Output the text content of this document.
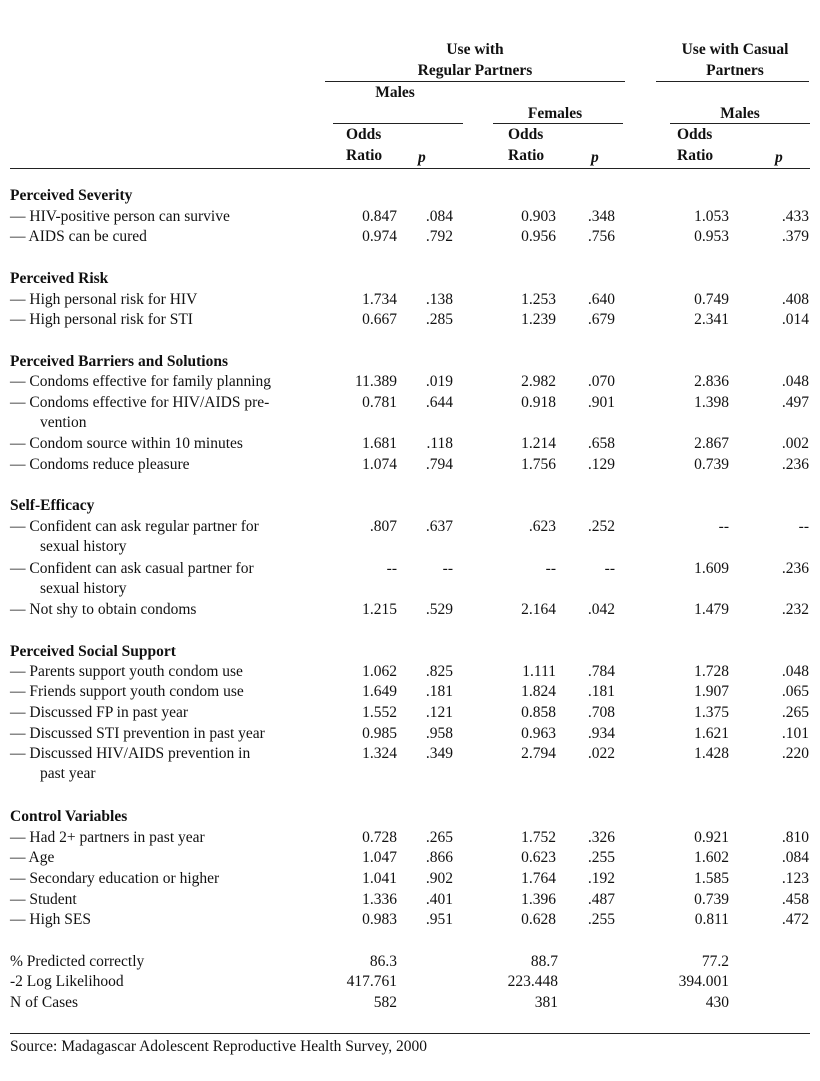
Use with
Regular Partners
Use with Casual
Partners
Males
Females	Males
Odds
Ratio p
Odds
Ratio	p
Odds
Ratio	p
Perceived Severity
— HIV-positive person can survive	0.847	.084	0.903	.348	1.053	.433
— AIDS can be cured	0.974	.792	0.956	.756	0.953	.379
Perceived Risk
— High personal risk for HIV	1.734	.138	1.253	.640	0.749	.408
— High personal risk for STI	0.667	.285	1.239	.679	2.341	.014
Perceived Barriers and Solutions
— Condoms effective for family planning	11.389	.019	2.982	.070	2.836	.048
— Condoms effective for HIV/AIDS pre-	0.781	.644	0.918	.901	1.398	.497
vention
— Condom source within 10 minutes	1.681	.118	1.214	.658	2.867	.002
— Condoms reduce pleasure	1.074	.794	1.756	.129	0.739	.236
Self-Efficacy
— Confident can ask regular partner for	.807	.637	.623	.252	--	--
sexual history
— Confident can ask casual partner for	--	--	--	--	1.609	.236
sexual history
— Not shy to obtain condoms	1.215	.529	2.164	.042	1.479	.232
Perceived Social Support
— Parents support youth condom use	1.062	.825	1.111	.784	1.728	.048
— Friends support youth condom use	1.649	.181	1.824	.181	1.907	.065
— Discussed FP in past year	1.552	.121	0.858	.708	1.375	.265
— Discussed STI prevention in past year	0.985	.958	0.963	.934	1.621	.101
— Discussed HIV/AIDS prevention in	1.324	.349	2.794	.022	1.428	.220
past year
Control Variables
— Had 2+ partners in past year	0.728	.265	1.752	.326	0.921	.810
— Age	1.047	.866	0.623	.255	1.602	.084
— Secondary education or higher	1.041	.902	1.764	.192	1.585	.123
— Student	1.336	.401	1.396	.487	0.739	.458
— High SES	0.983	.951	0.628	.255	0.811	.472
% Predicted correctly	86.3	88.7	77.2
-2 Log Likelihood	417.761	223.448	394.001
N of Cases	582	381	430
Source: Madagascar Adolescent Reproductive Health Survey, 2000
